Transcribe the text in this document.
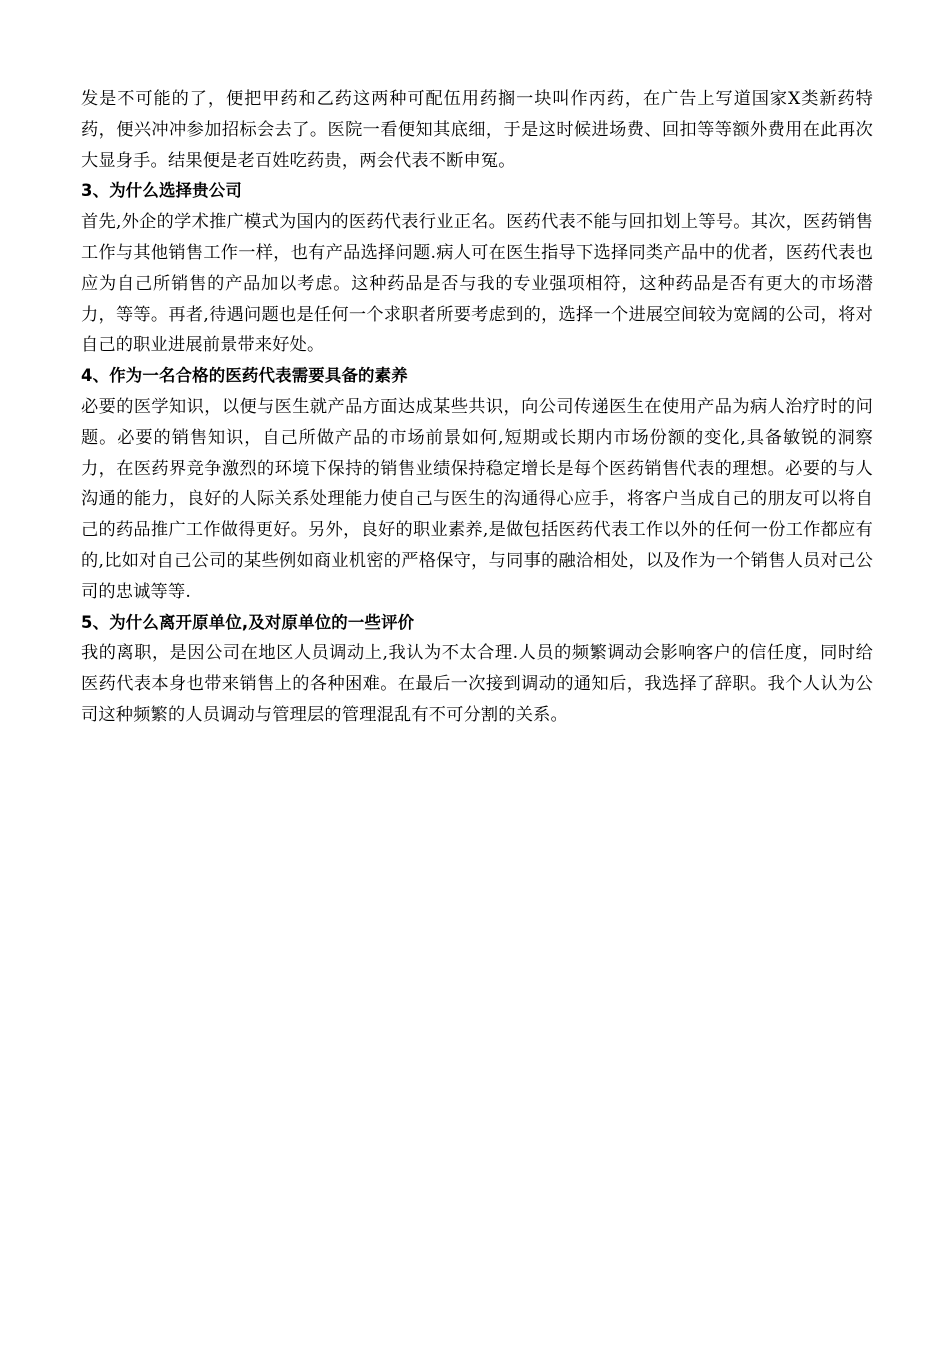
发是不可能的了，便把甲药和乙药这两种可配伍用药搁一块叫作丙药，在广告上写道国家X类新药特药，便兴冲冲参加招标会去了。医院一看便知其底细，于是这时候进场费、回扣等等额外费用在此再次大显身手。结果便是老百姓吃药贵，两会代表不断申冤。

3、为什么选择贵公司

首先,外企的学术推广模式为国内的医药代表行业正名。医药代表不能与回扣划上等号。其次，医药销售工作与其他销售工作一样，也有产品选择问题.病人可在医生指导下选择同类产品中的优者，医药代表也应为自己所销售的产品加以考虑。这种药品是否与我的专业强项相符，这种药品是否有更大的市场潜力，等等。再者,待遇问题也是任何一个求职者所要考虑到的，选择一个进展空间较为宽阔的公司，将对自己的职业进展前景带来好处。

4、作为一名合格的医药代表需要具备的素养

必要的医学知识，以便与医生就产品方面达成某些共识，向公司传递医生在使用产品为病人治疗时的问题。必要的销售知识，自己所做产品的市场前景如何,短期或长期内市场份额的变化,具备敏锐的洞察力，在医药界竞争激烈的环境下保持的销售业绩保持稳定增长是每个医药销售代表的理想。必要的与人沟通的能力，良好的人际关系处理能力使自己与医生的沟通得心应手，将客户当成自己的朋友可以将自己的药品推广工作做得更好。另外，良好的职业素养,是做包括医药代表工作以外的任何一份工作都应有的,比如对自己公司的某些例如商业机密的严格保守，与同事的融洽相处，以及作为一个销售人员对己公司的忠诚等等.

5、为什么离开原单位,及对原单位的一些评价

我的离职，是因公司在地区人员调动上,我认为不太合理.人员的频繁调动会影响客户的信任度，同时给医药代表本身也带来销售上的各种困难。在最后一次接到调动的通知后，我选择了辞职。我个人认为公司这种频繁的人员调动与管理层的管理混乱有不可分割的关系。
